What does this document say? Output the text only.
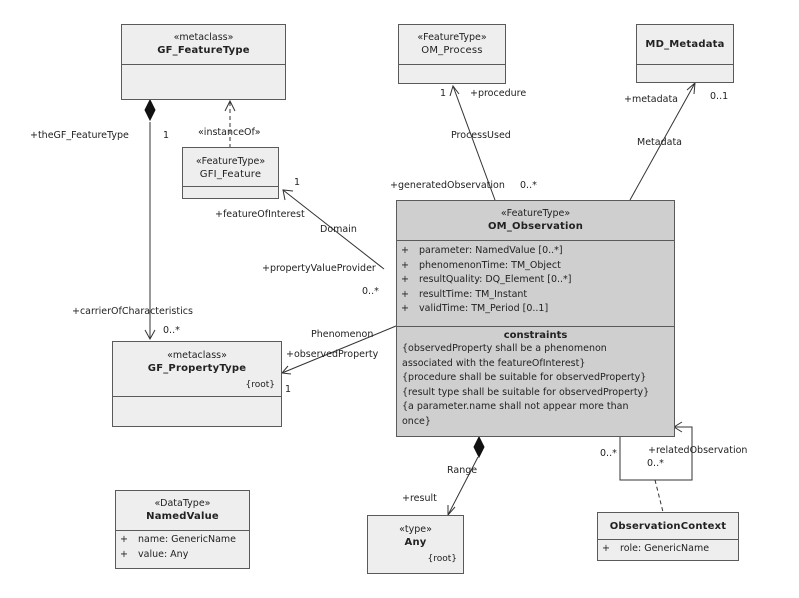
«metaclass»
GF_FeatureType
«FeatureType»
OM_Process
MD_Metadata
«FeatureType»
GFI_Feature
«FeatureType»
OM_Observation
+ parameter: NamedValue [0..*]
+ phenomenonTime: TM_Object
+ resultQuality: DQ_Element [0..*]
+ resultTime: TM_Instant
+ validTime: TM_Period [0..1]
constraints
{observedProperty shall be a phenomenon
associated with the featureOfInterest}
{procedure shall be suitable for observedProperty}
{result type shall be suitable for observedProperty}
{a parameter.name shall not appear more than
once}
«metaclass»
GF_PropertyType
{root}
«DataType»
NamedValue
+ name: GenericName
+ value: Any
«type»
Any
{root}
ObservationContext
+ role: GenericName
«instanceOf»
+theGF_FeatureType	1
+carrierOfCharacteristics
0..*
1
+featureOfInterest
Domain
+propertyValueProvider
0..*
Phenomenon
+observedProperty
1
1	+procedure
ProcessUsed
+generatedObservation 0..*
+metadata	0..1
Metadata
Range
+result
+relatedObservation
0..*
0..*
